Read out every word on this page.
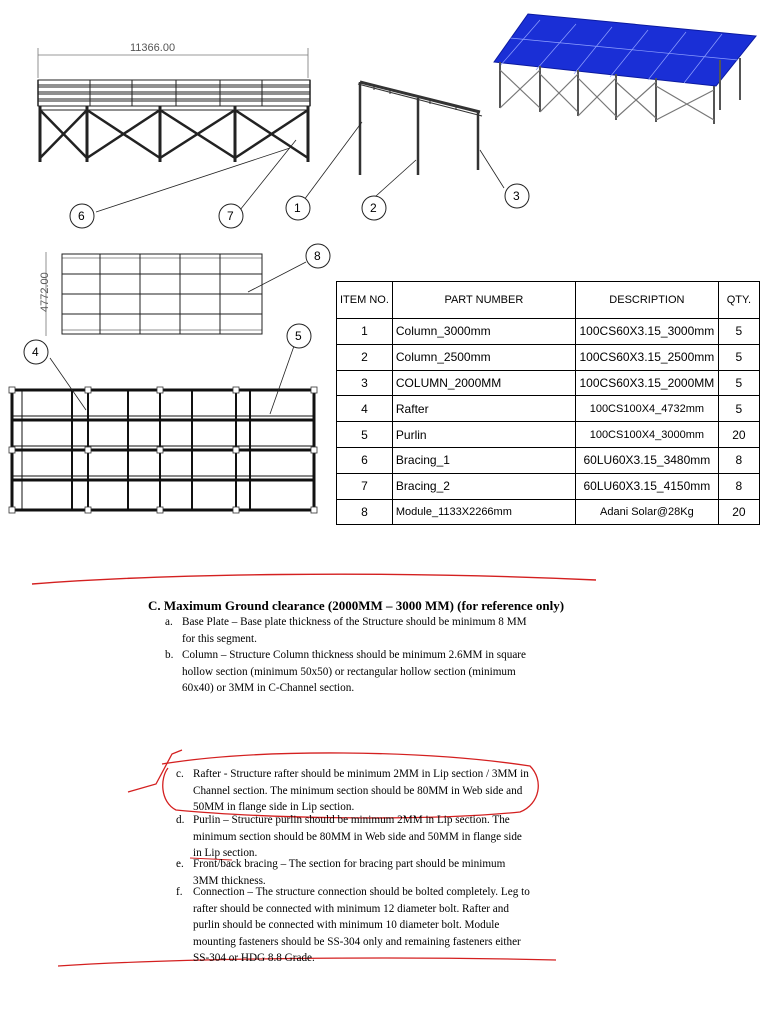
11366.00
4772.00
6	7
1	2
3
8
4
5
ITEM NO.	PART NUMBER	DESCRIPTION	QTY.
1	Column_3000mm	100CS60X3.15_3000mm	5
2	Column_2500mm	100CS60X3.15_2500mm	5
3	COLUMN_2000MM	100CS60X3.15_2000MM	5
4	Rafter	100CS100X4_4732mm	5
5	Purlin	100CS100X4_3000mm	20
6	Bracing_1	60LU60X3.15_3480mm	8
7	Bracing_2	60LU60X3.15_4150mm	8
8	Module_1133X2266mm	Adani Solar@28Kg	20
C. Maximum Ground clearance (2000MM – 3000 MM) (for reference only)
a. Base Plate – Base plate thickness of the Structure should be minimum 8 MM for this segment.
b. Column – Structure Column thickness should be minimum 2.6MM in square hollow section (minimum 50x50) or rectangular hollow section (minimum 60x40) or 3MM in C-Channel section.
c. Rafter - Structure rafter should be minimum 2MM in Lip section / 3MM in Channel section. The minimum section should be 80MM in Web side and 50MM in flange side in Lip section.
d. Purlin – Structure purlin should be minimum 2MM in Lip section. The minimum section should be 80MM in Web side and 50MM in flange side in Lip section.
e. Front/back bracing – The section for bracing part should be minimum 3MM thickness.
f. Connection – The structure connection should be bolted completely. Leg to rafter should be connected with minimum 12 diameter bolt. Rafter and purlin should be connected with minimum 10 diameter bolt. Module mounting fasteners should be SS-304 only and remaining fasteners either SS-304 or HDG 8.8 Grade.
